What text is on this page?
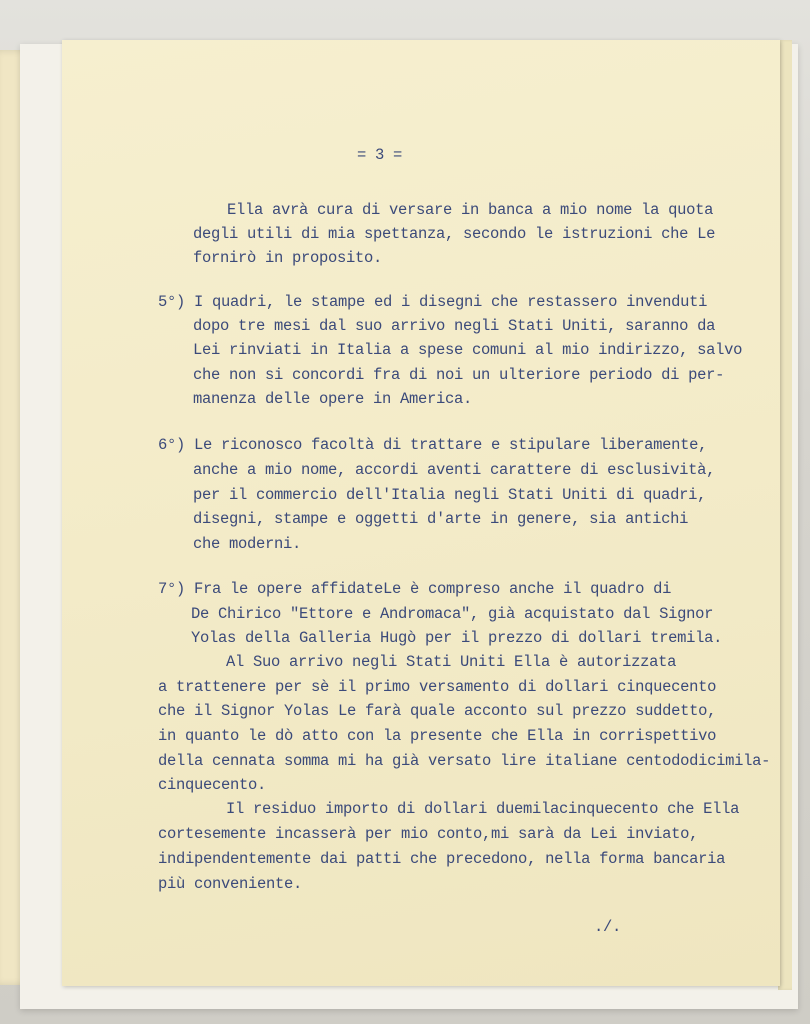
= 3 =
Ella avrà cura di versare in banca a mio nome la quota
degli utili di mia spettanza, secondo le istruzioni che Le
fornirò in proposito.
5°) I quadri, le stampe ed i disegni che restassero invenduti
dopo tre mesi dal suo arrivo negli Stati Uniti, saranno da
Lei rinviati in Italia a spese comuni al mio indirizzo, salvo
che non si concordi fra di noi un ulteriore periodo di per-
manenza delle opere in America.
6°) Le riconosco facoltà di trattare e stipulare liberamente,
anche a mio nome, accordi aventi carattere di esclusività,
per il commercio dell'Italia negli Stati Uniti di quadri,
disegni, stampe e oggetti d'arte in genere, sia antichi
che moderni.
7°) Fra le opere affidateLe è compreso anche il quadro di
De Chirico "Ettore e Andromaca", già acquistato dal Signor
Yolas della Galleria Hugò per il prezzo di dollari tremila.
Al Suo arrivo negli Stati Uniti Ella è autorizzata
a trattenere per sè il primo versamento di dollari cinquecento
che il Signor Yolas Le farà quale acconto sul prezzo suddetto,
in quanto le dò atto con la presente che Ella in corrispettivo
della cennata somma mi ha già versato lire italiane centododicimila-
cinquecento.
Il residuo importo di dollari duemilacinquecento che Ella
cortesemente incasserà per mio conto,mi sarà da Lei inviato,
indipendentemente dai patti che precedono, nella forma bancaria
più conveniente.
./.
